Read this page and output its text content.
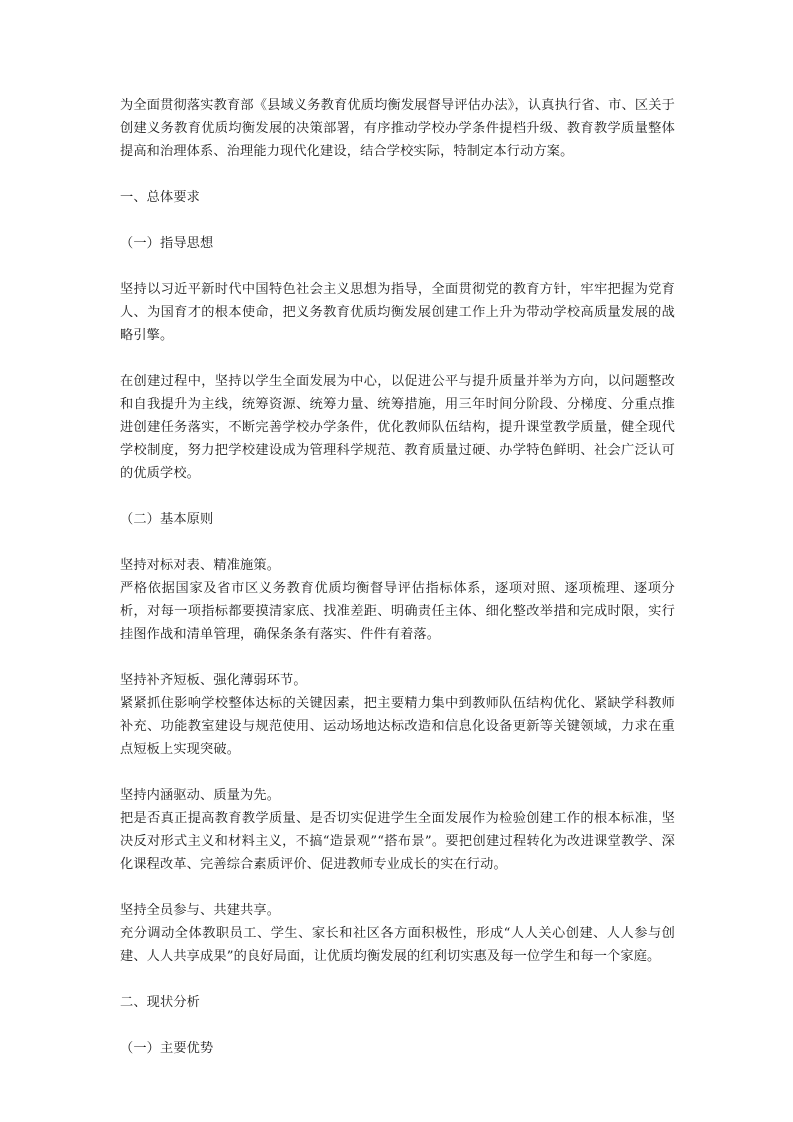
为全面贯彻落实教育部《县域义务教育优质均衡发展督导评估办法》，认真执行省、市、区关于创建义务教育优质均衡发展的决策部署，有序推动学校办学条件提档升级、教育教学质量整体提高和治理体系、治理能力现代化建设，结合学校实际，特制定本行动方案。

一、总体要求

（一）指导思想

坚持以习近平新时代中国特色社会主义思想为指导，全面贯彻党的教育方针，牢牢把握为党育人、为国育才的根本使命，把义务教育优质均衡发展创建工作上升为带动学校高质量发展的战略引擎。

在创建过程中，坚持以学生全面发展为中心，以促进公平与提升质量并举为方向，以问题整改和自我提升为主线，统筹资源、统筹力量、统筹措施，用三年时间分阶段、分梯度、分重点推进创建任务落实，不断完善学校办学条件，优化教师队伍结构，提升课堂教学质量，健全现代学校制度，努力把学校建设成为管理科学规范、教育质量过硬、办学特色鲜明、社会广泛认可的优质学校。

（二）基本原则

坚持对标对表、精准施策。

严格依据国家及省市区义务教育优质均衡督导评估指标体系，逐项对照、逐项梳理、逐项分析，对每一项指标都要摸清家底、找准差距、明确责任主体、细化整改举措和完成时限，实行挂图作战和清单管理，确保条条有落实、件件有着落。

坚持补齐短板、强化薄弱环节。

紧紧抓住影响学校整体达标的关键因素，把主要精力集中到教师队伍结构优化、紧缺学科教师补充、功能教室建设与规范使用、运动场地达标改造和信息化设备更新等关键领域，力求在重点短板上实现突破。

坚持内涵驱动、质量为先。

把是否真正提高教育教学质量、是否切实促进学生全面发展作为检验创建工作的根本标准，坚决反对形式主义和材料主义，不搞“造景观”“搭布景”。要把创建过程转化为改进课堂教学、深化课程改革、完善综合素质评价、促进教师专业成长的实在行动。

坚持全员参与、共建共享。

充分调动全体教职员工、学生、家长和社区各方面积极性，形成“人人关心创建、人人参与创建、人人共享成果”的良好局面，让优质均衡发展的红利切实惠及每一位学生和每一个家庭。

二、现状分析

（一）主要优势
